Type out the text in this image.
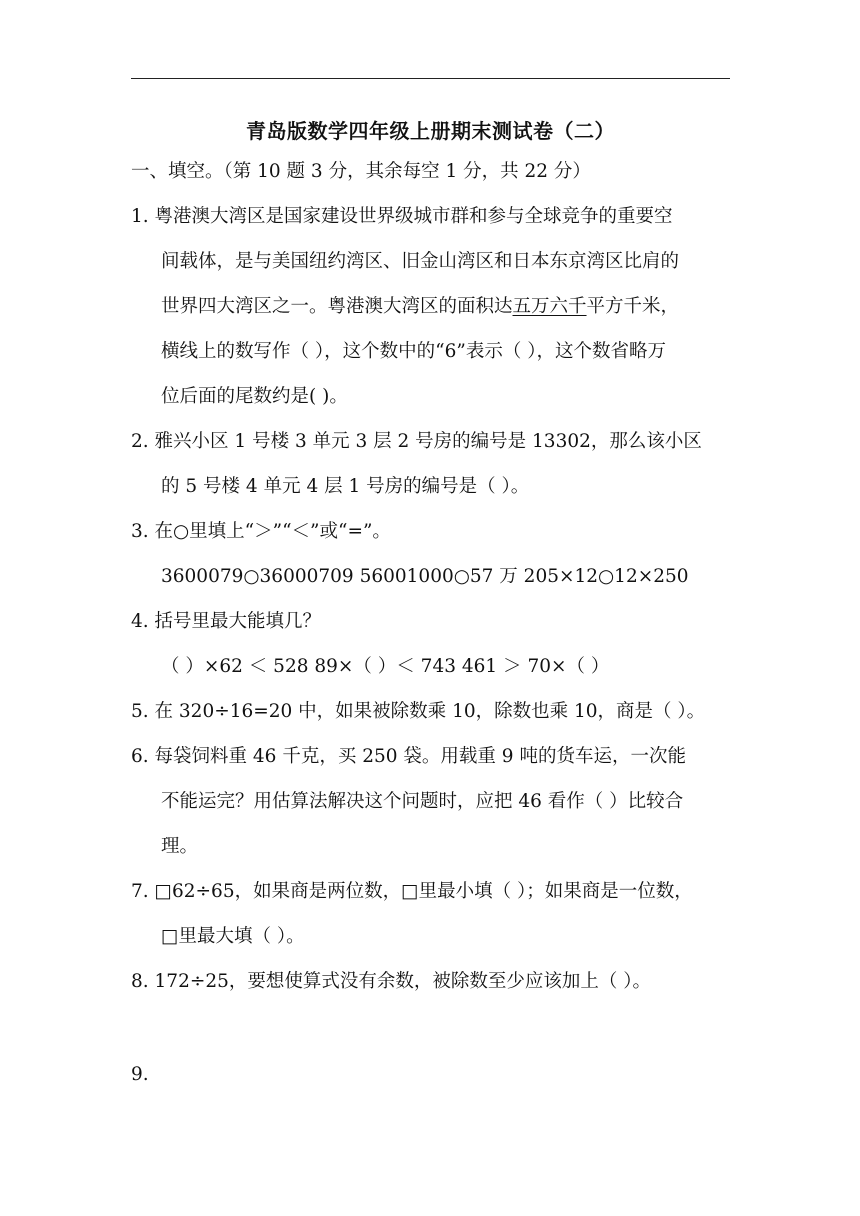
青岛版数学四年级上册期末测试卷（二）
一、填空。（第 10 题 3 分，其余每空 1 分，共 22 分）
1. 粤港澳大湾区是国家建设世界级城市群和参与全球竞争的重要空
间载体，是与美国纽约湾区、旧金山湾区和日本东京湾区比肩的
世界四大湾区之一。粤港澳大湾区的面积达五万六千平方千米，
横线上的数写作（ ），这个数中的“6”表示（ ），这个数省略万
位后面的尾数约是( )。
2. 雅兴小区 1 号楼 3 单元 3 层 2 号房的编号是 13302，那么该小区
的 5 号楼 4 单元 4 层 1 号房的编号是（ ）。
3. 在○里填上“＞”“＜”或“=”。
3600079○36000709 56001000○57 万 205×12○12×250
4. 括号里最大能填几？
（ ）×62 ＜ 528 89×（ ）＜ 743 461 ＞ 70×（ ）
5. 在 320÷16=20 中，如果被除数乘 10，除数也乘 10，商是（ ）。
6. 每袋饲料重 46 千克，买 250 袋。用载重 9 吨的货车运，一次能
不能运完？用估算法解决这个问题时，应把 46 看作（ ）比较合
理。
7. □62÷65，如果商是两位数，□里最小填（ ）；如果商是一位数，
□里最大填（ ）。
8. 172÷25，要想使算式没有余数，被除数至少应该加上（ ）。
9.
